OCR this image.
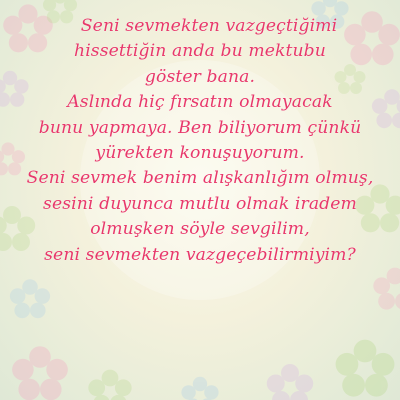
Seni sevmekten vazgeçtiğimi
hissettiğin anda bu mektubu
göster bana.
Aslında hiç fırsatın olmayacak
bunu yapmaya. Ben biliyorum çünkü
yürekten konuşuyorum.
Seni sevmek benim alışkanlığım olmuş,
sesini duyunca mutlu olmak iradem
olmuşken söyle sevgilim,
seni sevmekten vazgeçebilirmiyim?
